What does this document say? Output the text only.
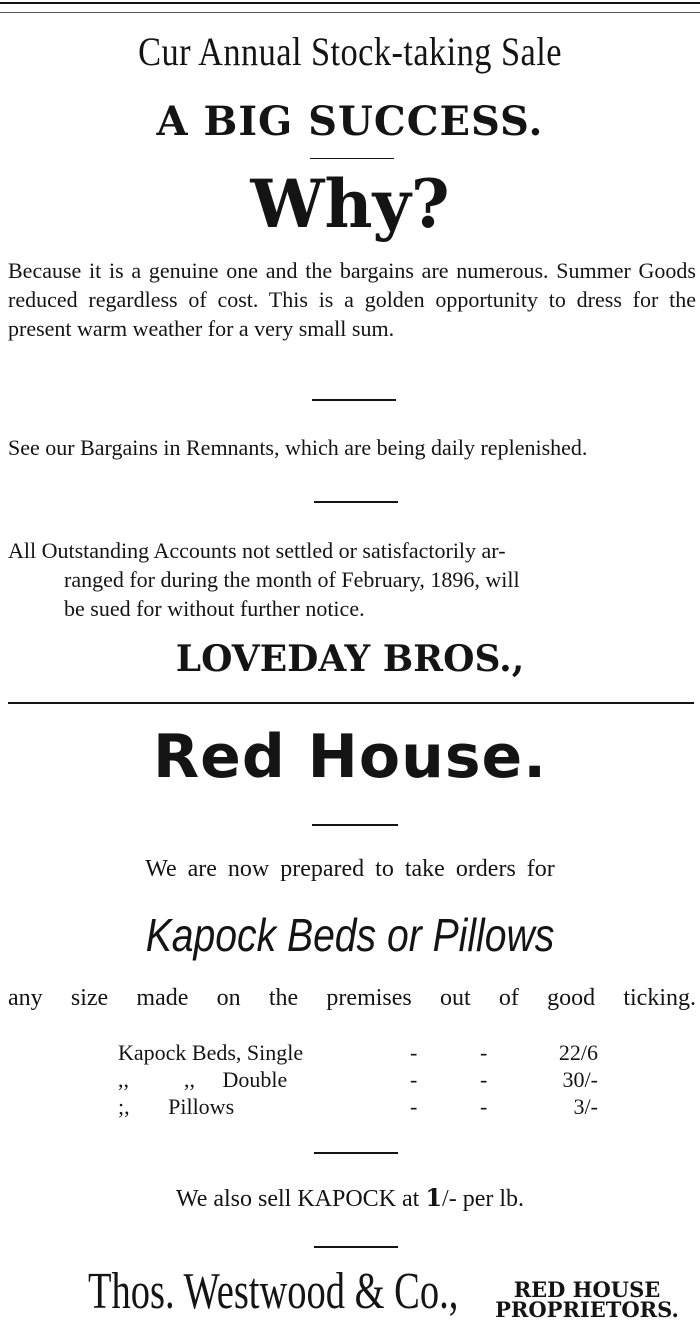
Cur Annual Stock-taking Sale
A BIG SUCCESS.
Why?
Because it is a genuine one and the bargains are numerous. Summer Goods reduced regardless of cost. This is a golden opportunity to dress for the present warm weather for a very small sum.
See our Bargains in Remnants, which are being daily replenished.
All Outstanding Accounts not settled or satisfactorily ar-
ranged for during the month of February, 1896, will
be sued for without further notice.
LOVEDAY BROS.,
Red House.
We are now prepared to take orders for
Kapock Beds or Pillows
any size made on the premises out of good ticking.
Kapock Beds, Single	-	-	22/6
,,          ,,     Double	-	-	30/-
;,       Pillows	-	-	3/-
We also sell KAPOCK at 1/- per lb.
Thos. Westwood & Co.,	RED HOUSE
PROPRIETORS.
